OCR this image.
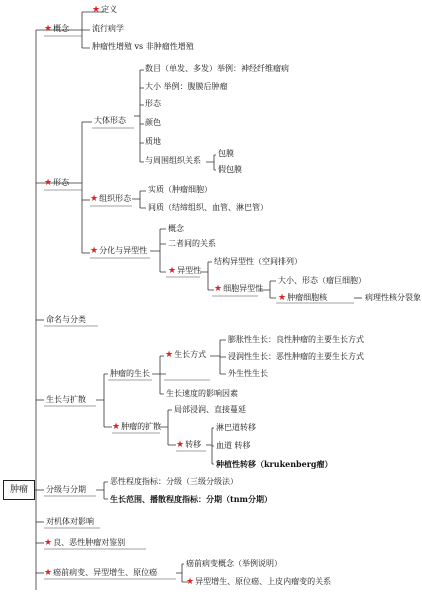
肿瘤
★概念
★定义
流行病学
肿瘤性增殖 vs 非肿瘤性增殖
★形态
大体形态
数目（单发、多发）举例：神经纤维瘤病
大小 举例：腹膜后肿瘤
形态
颜色
质地
与周围组织关系
包膜
假包膜
★组织形态
实质（肿瘤细胞）
间质（结缔组织、血管、淋巴管）
★分化与异型性
概念
二者间的关系
★异型性
结构异型性（空间排列）
★细胞异型性
大小、形态（瘤巨细胞）
★肿瘤细胞核	病理性核分裂象
命名与分类
生长与扩散
肿瘤的生长
★生长方式
膨胀性生长：良性肿瘤的主要生长方式
浸润性生长：恶性肿瘤的主要生长方式
外生性生长
生长速度的影响因素
★肿瘤的扩散
局部浸润、直接蔓延
★转移
淋巴道转移
血道 转移
种植性转移（krukenberg瘤）
分级与分期
恶性程度指标：分级（三级分级法）
生长范围、播散程度指标：分期（tnm分期）
对机体对影响
★良、恶性肿瘤对鉴别
★癌前病变、异型增生、原位癌
癌前病变概念（举例说明）
★异型增生、原位癌、上皮内瘤变的关系
